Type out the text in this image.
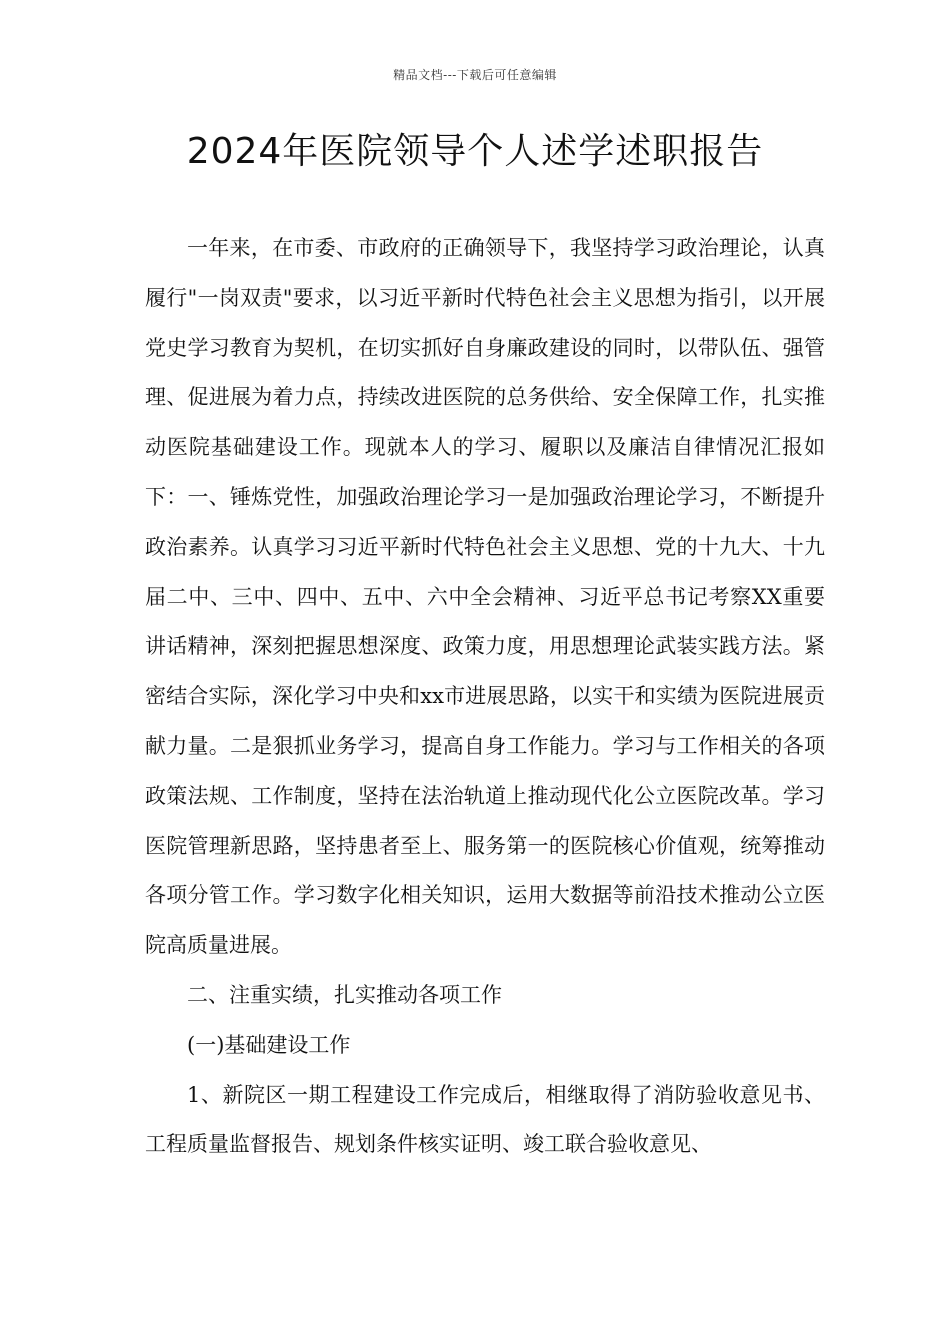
精品文档---下载后可任意编辑
2024年医院领导个人述学述职报告

一年来，在市委、市政府的正确领导下，我坚持学习政治理论，认真履行"一岗双责"要求，以习近平新时代特色社会主义思想为指引，以开展党史学习教育为契机，在切实抓好自身廉政建设的同时，以带队伍、强管理、促进展为着力点，持续改进医院的总务供给、安全保障工作，扎实推动医院基础建设工作。现就本人的学习、履职以及廉洁自律情况汇报如下：一、锤炼党性，加强政治理论学习一是加强政治理论学习，不断提升政治素养。认真学习习近平新时代特色社会主义思想、党的十九大、十九届二中、三中、四中、五中、六中全会精神、习近平总书记考察XX重要讲话精神，深刻把握思想深度、政策力度，用思想理论武装实践方法。紧密结合实际，深化学习中央和xx市进展思路，以实干和实绩为医院进展贡献力量。二是狠抓业务学习，提高自身工作能力。学习与工作相关的各项政策法规、工作制度，坚持在法治轨道上推动现代化公立医院改革。学习医院管理新思路，坚持患者至上、服务第一的医院核心价值观，统筹推动各项分管工作。学习数字化相关知识，运用大数据等前沿技术推动公立医院高质量进展。

二、注重实绩，扎实推动各项工作

(一)基础建设工作

1、新院区一期工程建设工作完成后，相继取得了消防验收意见书、工程质量监督报告、规划条件核实证明、竣工联合验收意见、
